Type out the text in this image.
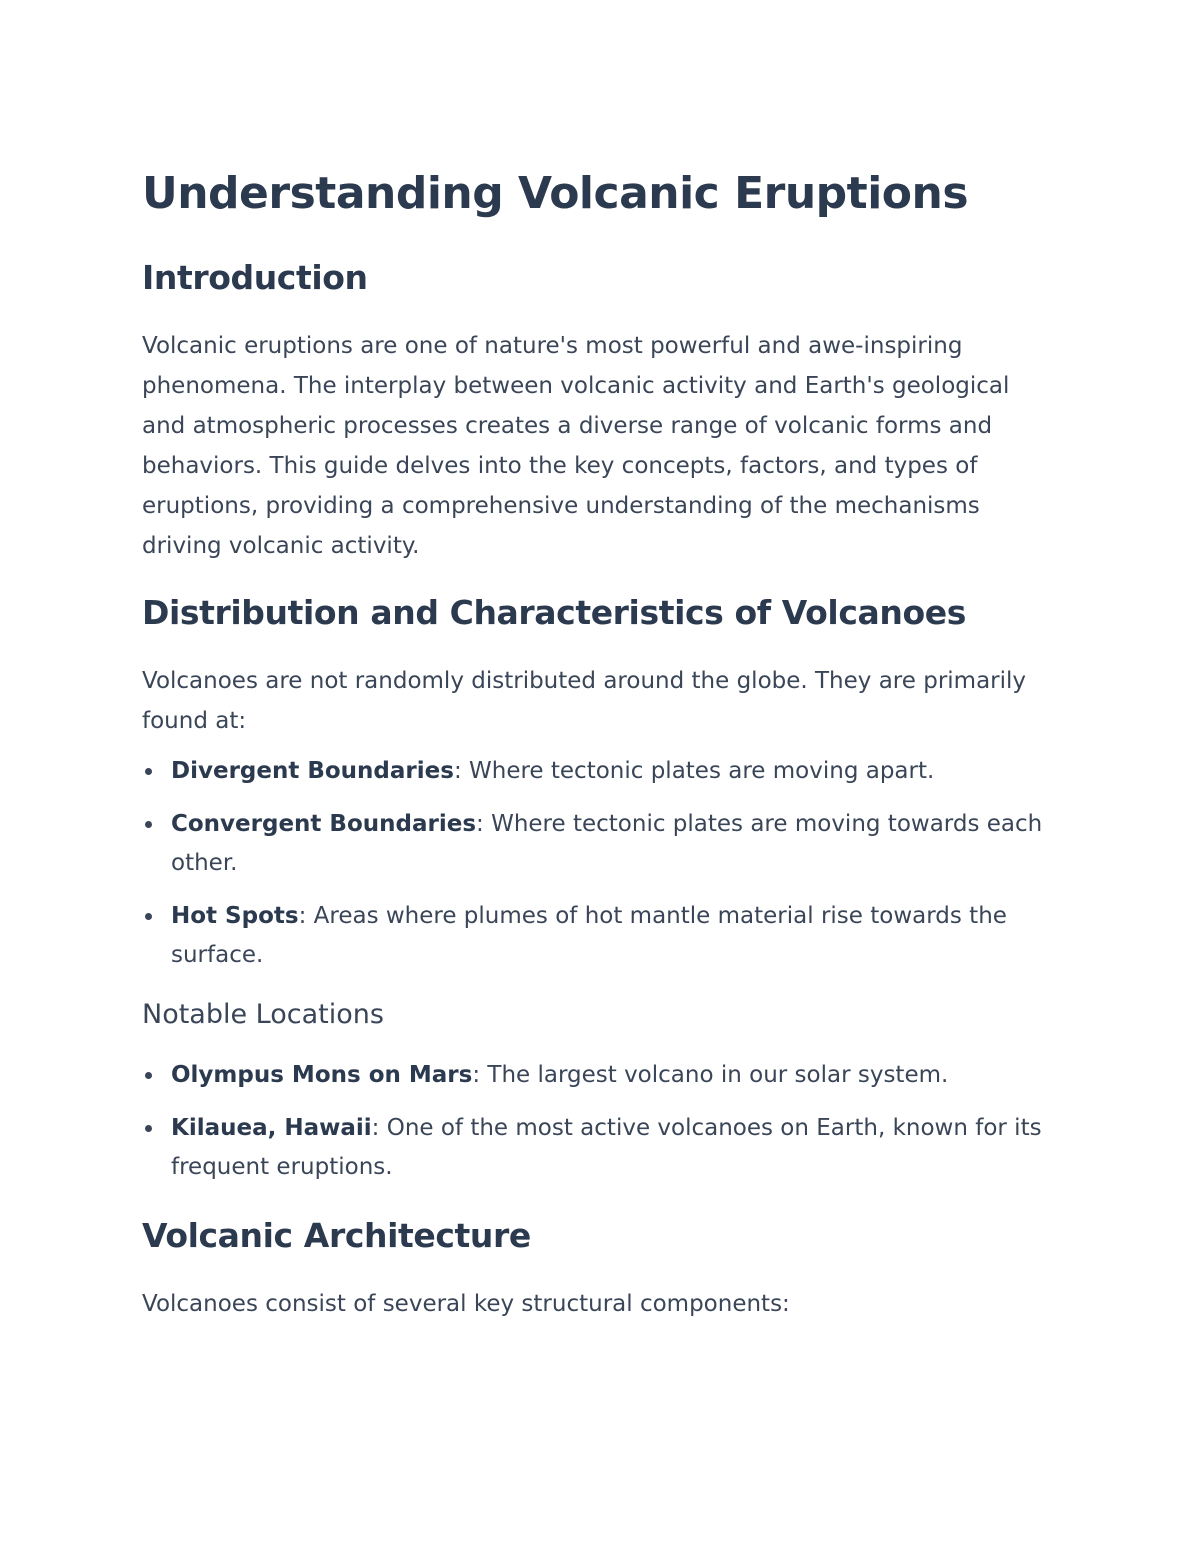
Understanding Volcanic Eruptions
Introduction

Volcanic eruptions are one of nature's most powerful and awe-inspiring phenomena. The interplay between volcanic activity and Earth's geological and atmospheric processes creates a diverse range of volcanic forms and behaviors. This guide delves into the key concepts, factors, and types of eruptions, providing a comprehensive understanding of the mechanisms driving volcanic activity.

Distribution and Characteristics of Volcanoes

Volcanoes are not randomly distributed around the globe. They are primarily found at:

Divergent Boundaries: Where tectonic plates are moving apart.
Convergent Boundaries: Where tectonic plates are moving towards each other.
Hot Spots: Areas where plumes of hot mantle material rise towards the surface.
Notable Locations
Olympus Mons on Mars: The largest volcano in our solar system.
Kilauea, Hawaii: One of the most active volcanoes on Earth, known for its frequent eruptions.
Volcanic Architecture

Volcanoes consist of several key structural components:
